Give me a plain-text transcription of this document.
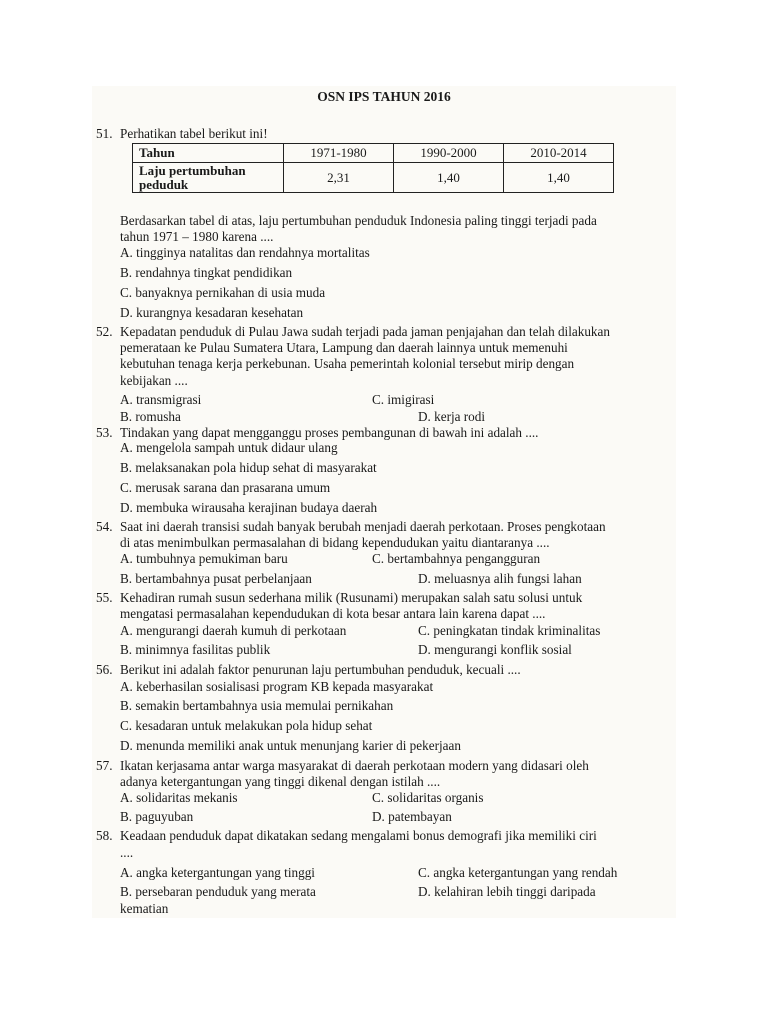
OSN IPS TAHUN 2016
51. Perhatikan tabel berikut ini!
Tahun	1971-1980	1990-2000	2010-2014
Laju pertumbuhan
peduduk	2,31	1,40	1,40
Berdasarkan tabel di atas, laju pertumbuhan penduduk Indonesia paling tinggi terjadi pada
tahun 1971 – 1980 karena ....
A. tingginya natalitas dan rendahnya mortalitas
B. rendahnya tingkat pendidikan
C. banyaknya pernikahan di usia muda
D. kurangnya kesadaran kesehatan
52. Kepadatan penduduk di Pulau Jawa sudah terjadi pada jaman penjajahan dan telah dilakukan
pemerataan ke Pulau Sumatera Utara, Lampung dan daerah lainnya untuk memenuhi
kebutuhan tenaga kerja perkebunan. Usaha pemerintah kolonial tersebut mirip dengan
kebijakan ....
A. transmigrasi	C. imigirasi
B. romusha	D. kerja rodi
53. Tindakan yang dapat mengganggu proses pembangunan di bawah ini adalah ....
A. mengelola sampah untuk didaur ulang
B. melaksanakan pola hidup sehat di masyarakat
C. merusak sarana dan prasarana umum
D. membuka wirausaha kerajinan budaya daerah
54. Saat ini daerah transisi sudah banyak berubah menjadi daerah perkotaan. Proses pengkotaan
di atas menimbulkan permasalahan di bidang kependudukan yaitu diantaranya ....
A. tumbuhnya pemukiman baru	C. bertambahnya pengangguran
B. bertambahnya pusat perbelanjaan	D. meluasnya alih fungsi lahan
55. Kehadiran rumah susun sederhana milik (Rusunami) merupakan salah satu solusi untuk
mengatasi permasalahan kependudukan di kota besar antara lain karena dapat ....
A. mengurangi daerah kumuh di perkotaan	C. peningkatan tindak kriminalitas
B. minimnya fasilitas publik	D. mengurangi konflik sosial
56. Berikut ini adalah faktor penurunan laju pertumbuhan penduduk, kecuali ....
A. keberhasilan sosialisasi program KB kepada masyarakat
B. semakin bertambahnya usia memulai pernikahan
C. kesadaran untuk melakukan pola hidup sehat
D. menunda memiliki anak untuk menunjang karier di pekerjaan
57. Ikatan kerjasama antar warga masyarakat di daerah perkotaan modern yang didasari oleh
adanya ketergantungan yang tinggi dikenal dengan istilah ....
A. solidaritas mekanis	C. solidaritas organis
B. paguyuban	D. patembayan
58. Keadaan penduduk dapat dikatakan sedang mengalami bonus demografi jika memiliki ciri
....
A. angka ketergantungan yang tinggi	C. angka ketergantungan yang rendah
B. persebaran penduduk yang merata	D. kelahiran lebih tinggi daripada
kematian
